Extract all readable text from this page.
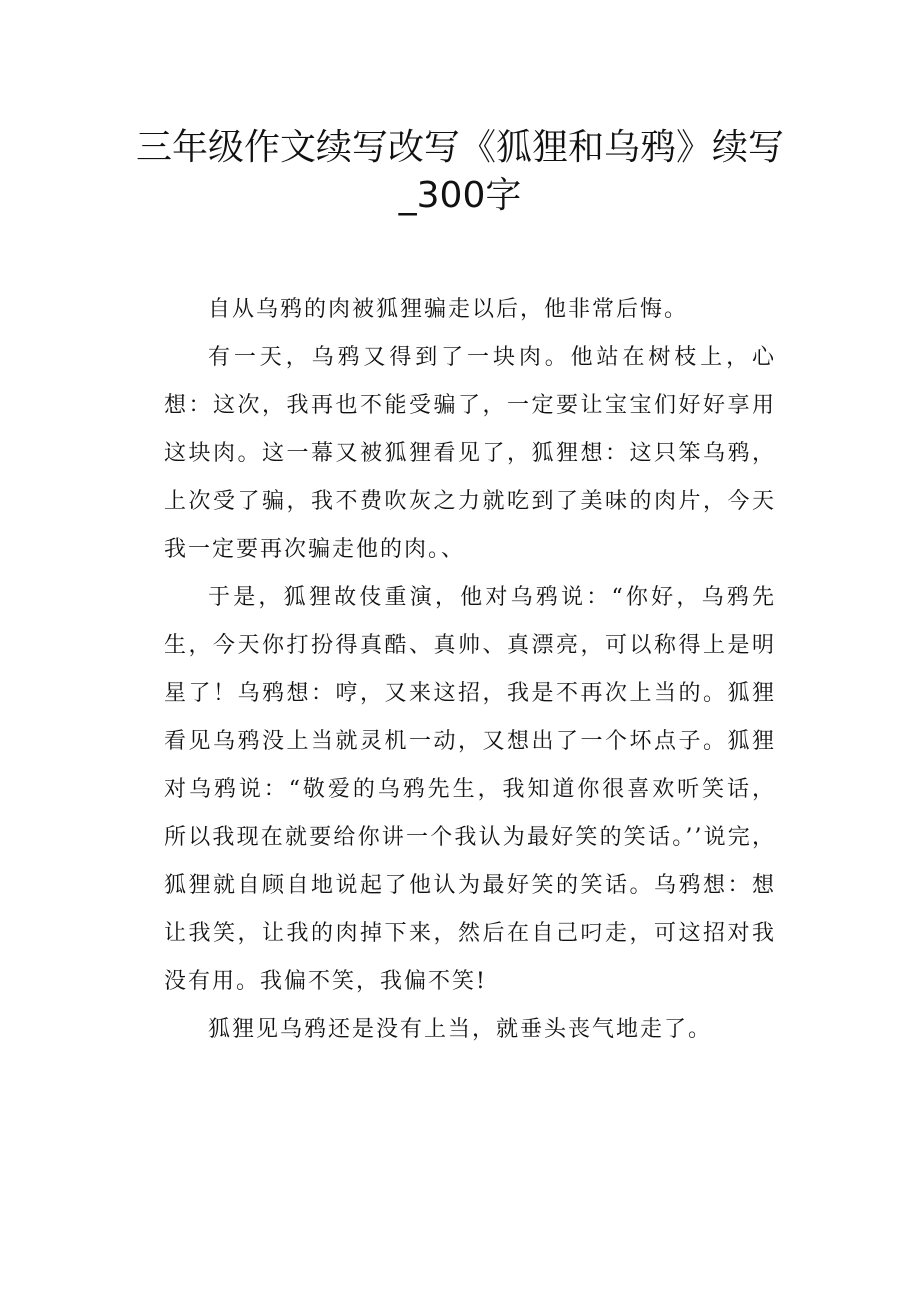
三年级作文续写改写《狐狸和乌鸦》续写_300字

自从乌鸦的肉被狐狸骗走以后，他非常后悔。

有一天，乌鸦又得到了一块肉。他站在树枝上，心想：这次，我再也不能受骗了，一定要让宝宝们好好享用这块肉。这一幕又被狐狸看见了，狐狸想：这只笨乌鸦，上次受了骗，我不费吹灰之力就吃到了美味的肉片，今天我一定要再次骗走他的肉。、

于是，狐狸故伎重演，他对乌鸦说：“你好，乌鸦先生，今天你打扮得真酷、真帅、真漂亮，可以称得上是明星了！乌鸦想：哼，又来这招，我是不再次上当的。狐狸看见乌鸦没上当就灵机一动，又想出了一个坏点子。狐狸对乌鸦说：“敬爱的乌鸦先生，我知道你很喜欢听笑话，所以我现在就要给你讲一个我认为最好笑的笑话。’’说完，狐狸就自顾自地说起了他认为最好笑的笑话。乌鸦想：想让我笑，让我的肉掉下来，然后在自己叼走，可这招对我没有用。我偏不笑，我偏不笑!

狐狸见乌鸦还是没有上当，就垂头丧气地走了。
